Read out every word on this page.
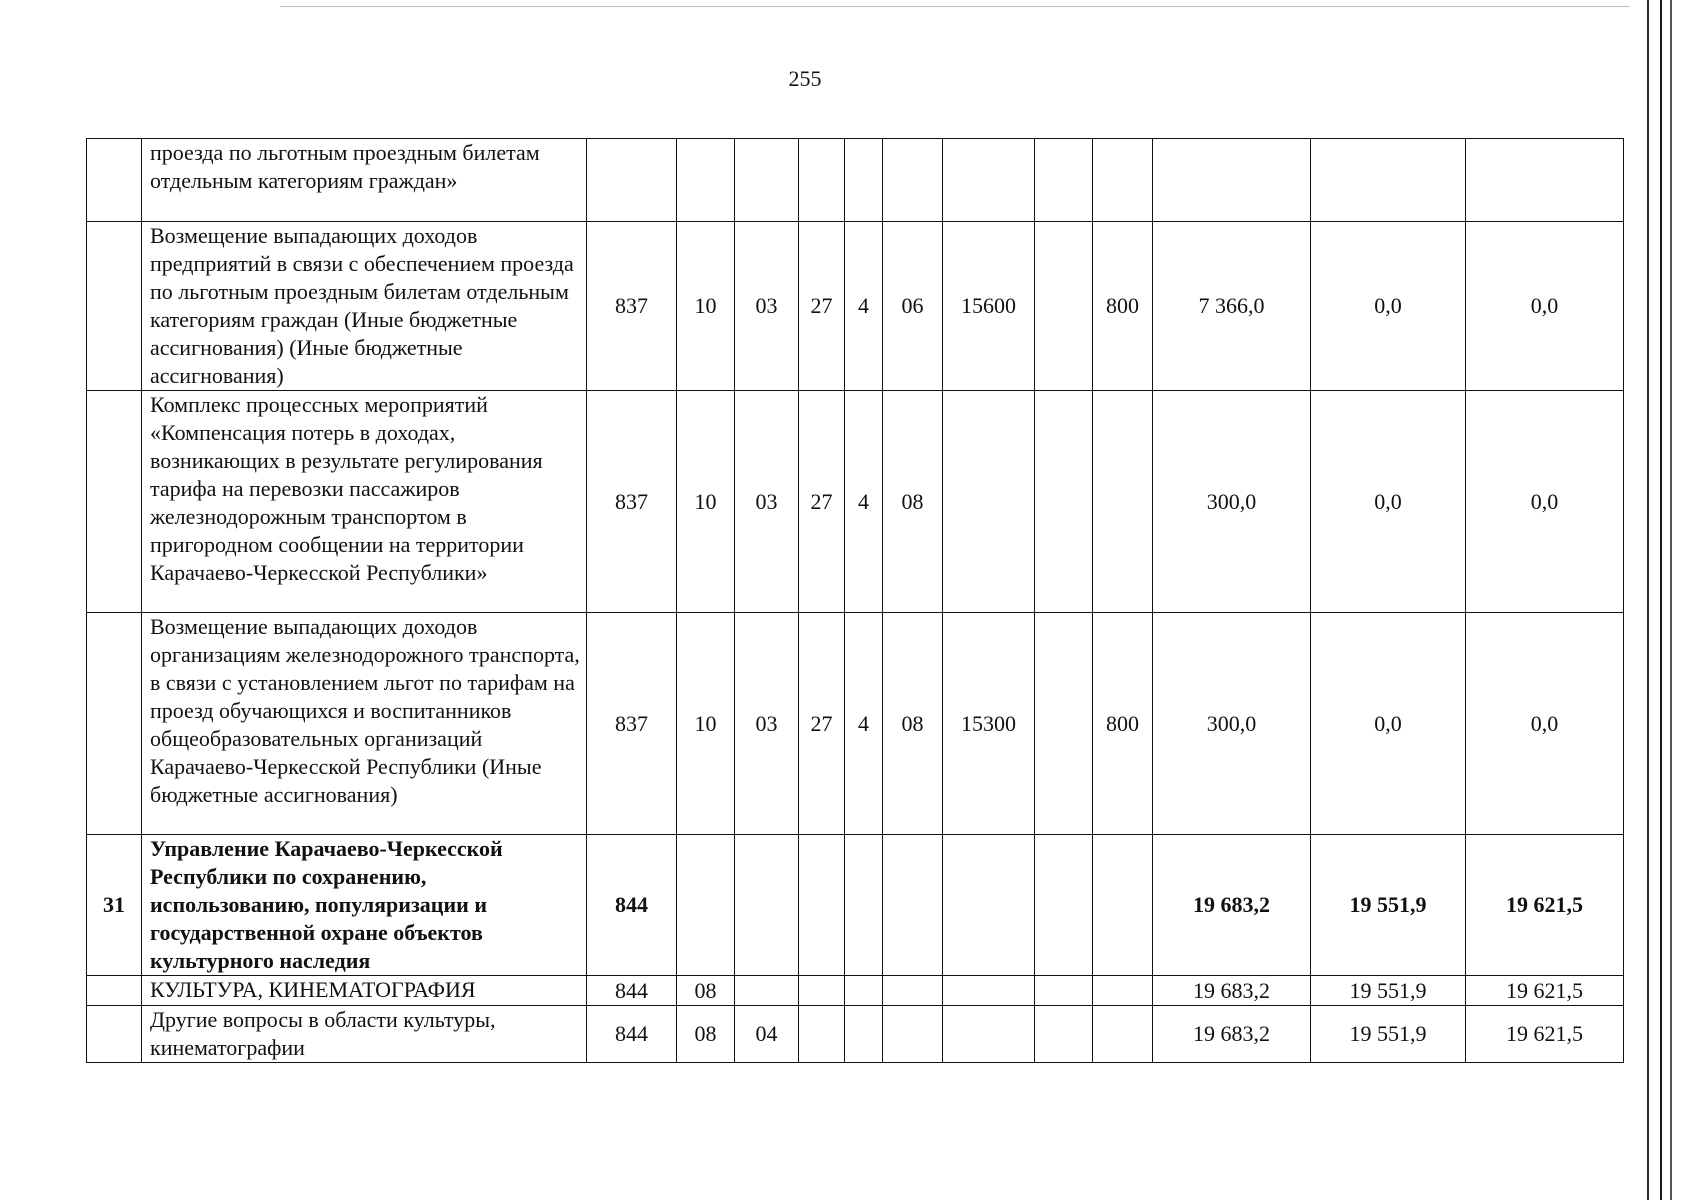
255
	проезда по льготным проездным билетам отдельным категориям граждан»												
	Возмещение выпадающих доходов предприятий в связи с обеспечением проезда по льготным проездным билетам отдельным категориям граждан (Иные бюджетные ассигнования) (Иные бюджетные ассигнования)	837	10	03	27	4	06	15600		800	7 366,0	0,0	0,0
	Комплекс процессных мероприятий «Компенсация потерь в доходах, возникающих в результате регулирования тарифа на перевозки пассажиров железнодорожным транспортом в пригородном сообщении на территории Карачаево-Черкесской Республики»	837	10	03	27	4	08				300,0	0,0	0,0
	Возмещение выпадающих доходов организациям железнодорожного транспорта, в связи с установлением льгот по тарифам на проезд обучающихся и воспитанников общеобразовательных организаций Карачаево-Черкесской Республики (Иные бюджетные ассигнования)	837	10	03	27	4	08	15300		800	300,0	0,0	0,0
31	Управление Карачаево-Черкесской Республики по сохранению, использованию, популяризации и государственной охране объектов культурного наследия	844									19 683,2	19 551,9	19 621,5
	КУЛЬТУРА, КИНЕМАТОГРАФИЯ	844	08								19 683,2	19 551,9	19 621,5
	Другие вопросы в области культуры, кинематографии	844	08	04							19 683,2	19 551,9	19 621,5
